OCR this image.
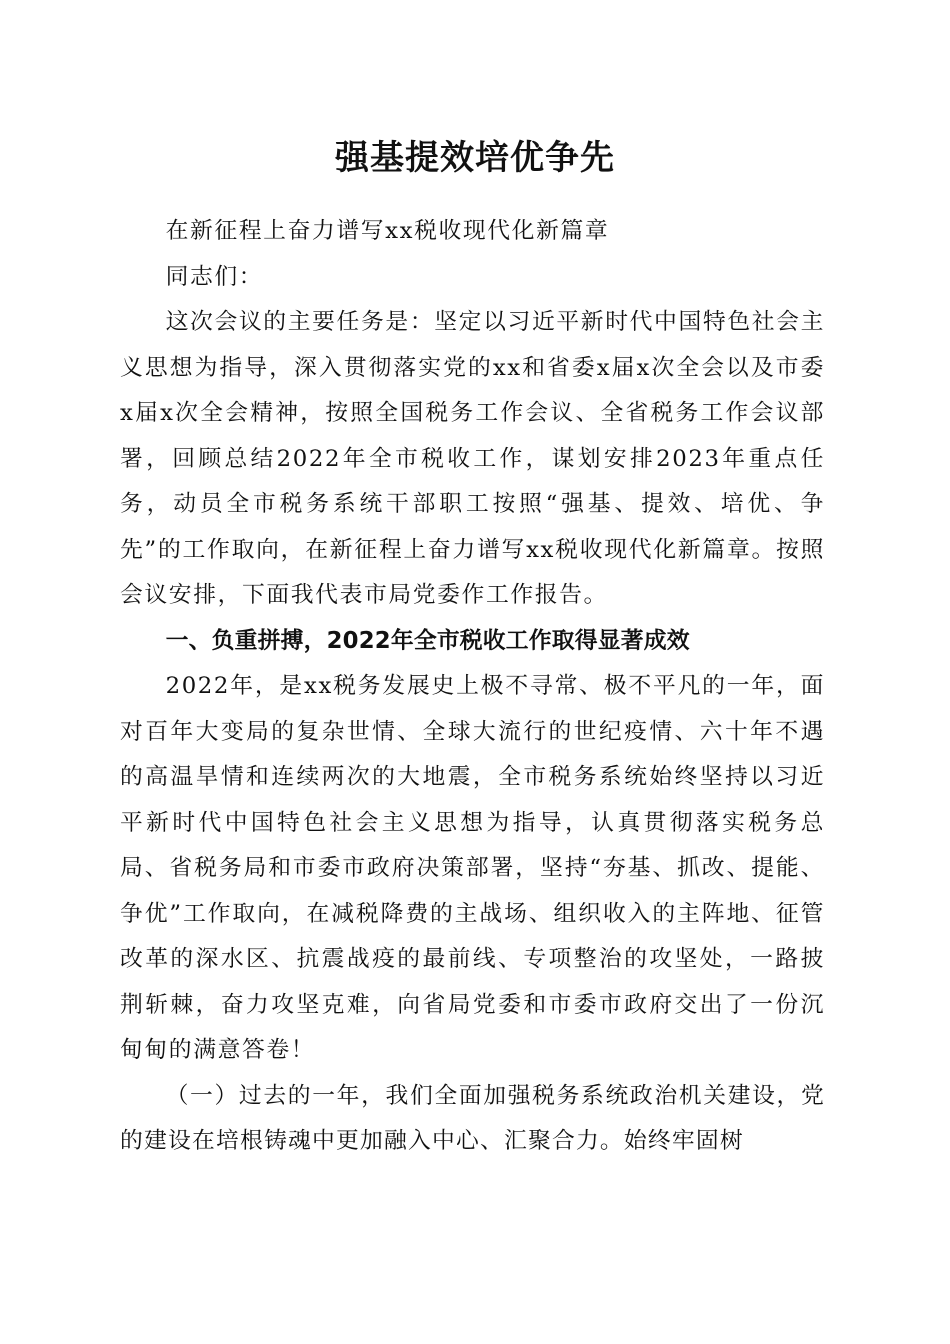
强基提效培优争先

在新征程上奋力谱写xx税收现代化新篇章

同志们：

这次会议的主要任务是：坚定以习近平新时代中国特色社会主义思想为指导，深入贯彻落实党的xx和省委x届x次全会以及市委x届x次全会精神，按照全国税务工作会议、全省税务工作会议部署，回顾总结2022年全市税收工作，谋划安排2023年重点任务，动员全市税务系统干部职工按照“强基、提效、培优、争先”的工作取向，在新征程上奋力谱写xx税收现代化新篇章。按照会议安排，下面我代表市局党委作工作报告。

一、负重拼搏，2022年全市税收工作取得显著成效

2022年，是xx税务发展史上极不寻常、极不平凡的一年，面对百年大变局的复杂世情、全球大流行的世纪疫情、六十年不遇的高温旱情和连续两次的大地震，全市税务系统始终坚持以习近平新时代中国特色社会主义思想为指导，认真贯彻落实税务总局、省税务局和市委市政府决策部署，坚持“夯基、抓改、提能、争优”工作取向，在减税降费的主战场、组织收入的主阵地、征管改革的深水区、抗震战疫的最前线、专项整治的攻坚处，一路披荆斩棘，奋力攻坚克难，向省局党委和市委市政府交出了一份沉甸甸的满意答卷！

（一）过去的一年，我们全面加强税务系统政治机关建设，党的建设在培根铸魂中更加融入中心、汇聚合力。始终牢固树
